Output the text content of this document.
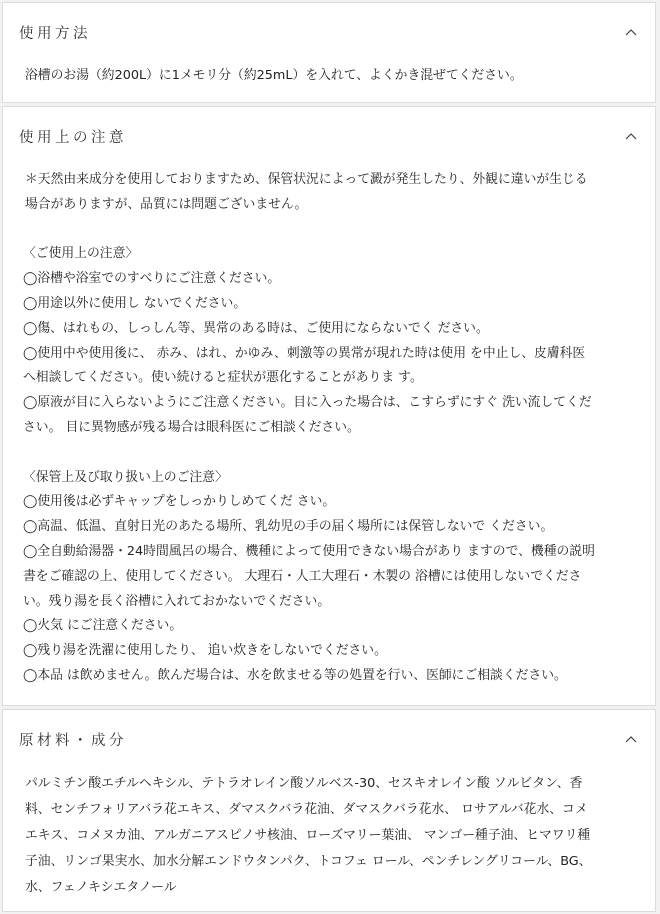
使用方法
浴槽のお湯（約200L）に1メモリ分（約25mL）を入れて、よくかき混ぜてください。
使用上の注意
＊天然由来成分を使用しておりますため、保管状況によって澱が発生したり、外観に違いが生じる
場合がありますが、品質には問題ございません。
〈ご使用上の注意〉
◯浴槽や浴室でのすべりにご注意ください。
◯用途以外に使用し ないでください。
◯傷、はれもの、しっしん等、異常のある時は、ご使用にならないでく ださい。
◯使用中や使用後に、 赤み、はれ、かゆみ、刺激等の異常が現れた時は使用 を中止し、皮膚科医
へ相談してください。使い続けると症状が悪化することがありま す。
◯原液が目に入らないようにご注意ください。目に入った場合は、こすらずにすぐ 洗い流してくだ
さい。 目に異物感が残る場合は眼科医にご相談ください。
〈保管上及び取り扱い上のご注意〉
◯使用後は必ずキャップをしっかりしめてくだ さい。
◯高温、低温、直射日光のあたる場所、乳幼児の手の届く場所には保管しないで ください。
◯全自動給湯器・24時間風呂の場合、機種によって使用できない場合があり ますので、機種の説明
書をご確認の上、使用してください。 大理石・人工大理石・木製の 浴槽には使用しないでくださ
い。残り湯を長く浴槽に入れておかないでください。
◯火気 にご注意ください。
◯残り湯を洗濯に使用したり、 追い炊きをしないでください。
◯本品 は飲めません。飲んだ場合は、水を飲ませる等の処置を行い、医師にご相談ください。
原材料・成分
パルミチン酸エチルヘキシル、テトラオレイン酸ソルベス-30、セスキオレイン酸 ソルビタン、香
料、センチフォリアバラ花エキス、ダマスクバラ花油、ダマスクバラ花水、 ロサアルバ花水、コメ
エキス、コメヌカ油、アルガニアスピノサ核油、ローズマリー葉油、 マンゴー種子油、ヒマワリ種
子油、リンゴ果実水、加水分解エンドウタンパク、トコフェ ロール、ペンチレングリコール、BG、
水、フェノキシエタノール
